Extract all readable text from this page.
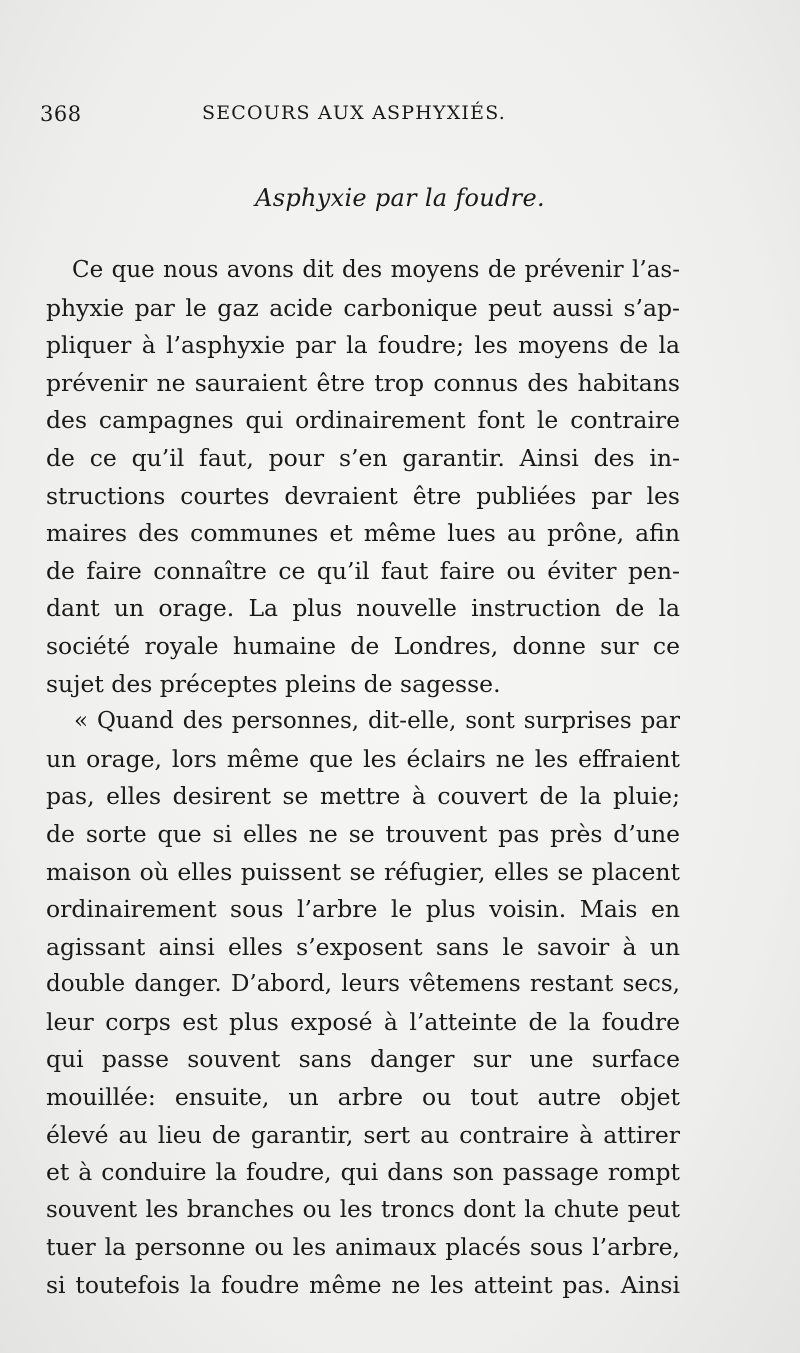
368	SECOURS AUX ASPHYXIÉS.
Asphyxie par la foudre.
Ce que nous avons dit des moyens de prévenir l’as-
phyxie par le gaz acide carbonique peut aussi s’ap-
pliquer à l’asphyxie par la foudre; les moyens de la
prévenir ne sauraient être trop connus des habitans
des campagnes qui ordinairement font le contraire
de ce qu’il faut, pour s’en garantir. Ainsi des in-
structions courtes devraient être publiées par les
maires des communes et même lues au prône, afin
de faire connaître ce qu’il faut faire ou éviter pen-
dant un orage. La plus nouvelle instruction de la
société royale humaine de Londres, donne sur ce
sujet des préceptes pleins de sagesse.
« Quand des personnes, dit-elle, sont surprises par
un orage, lors même que les éclairs ne les effraient
pas, elles desirent se mettre à couvert de la pluie;
de sorte que si elles ne se trouvent pas près d’une
maison où elles puissent se réfugier, elles se placent
ordinairement sous l’arbre le plus voisin. Mais en
agissant ainsi elles s’exposent sans le savoir à un
double danger. D’abord, leurs vêtemens restant secs,
leur corps est plus exposé à l’atteinte de la foudre
qui passe souvent sans danger sur une surface
mouillée: ensuite, un arbre ou tout autre objet
élevé au lieu de garantir, sert au contraire à attirer
et à conduire la foudre, qui dans son passage rompt
souvent les branches ou les troncs dont la chute peut
tuer la personne ou les animaux placés sous l’arbre,
si toutefois la foudre même ne les atteint pas. Ainsi
